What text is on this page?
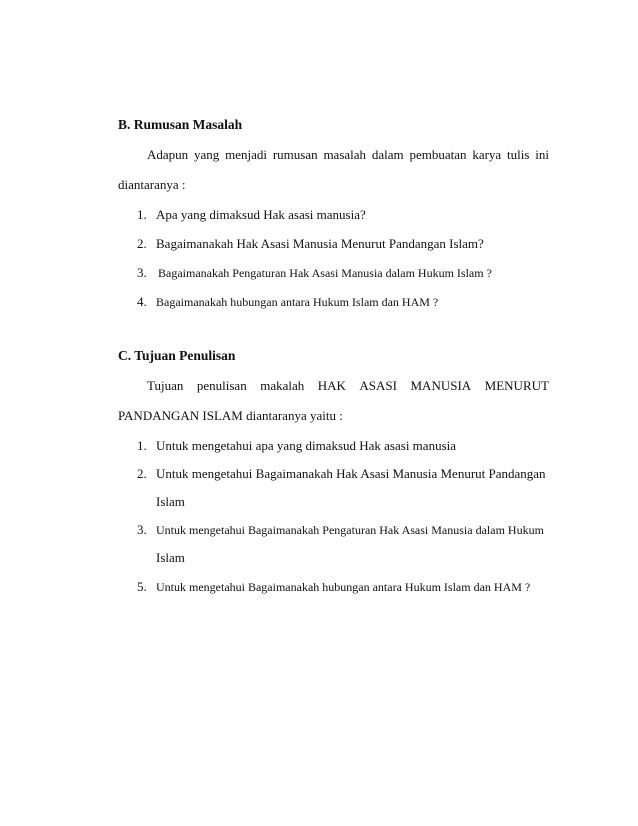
B. Rumusan Masalah
Adapun yang menjadi rumusan masalah dalam pembuatan karya tulis ini
diantaranya :
1. Apa yang dimaksud Hak asasi manusia?
2. Bagaimanakah Hak Asasi Manusia Menurut Pandangan Islam?
3. Bagaimanakah Pengaturan Hak Asasi Manusia dalam Hukum Islam ?
4. Bagaimanakah hubungan antara Hukum Islam dan HAM ?
C. Tujuan Penulisan
Tujuan penulisan makalah HAK ASASI MANUSIA MENURUT
PANDANGAN ISLAM diantaranya yaitu :
1. Untuk mengetahui apa yang dimaksud Hak asasi manusia
2. Untuk mengetahui Bagaimanakah Hak Asasi Manusia Menurut Pandangan
Islam
3. Untuk mengetahui Bagaimanakah Pengaturan Hak Asasi Manusia dalam Hukum
Islam
5. Untuk mengetahui Bagaimanakah hubungan antara Hukum Islam dan HAM ?
